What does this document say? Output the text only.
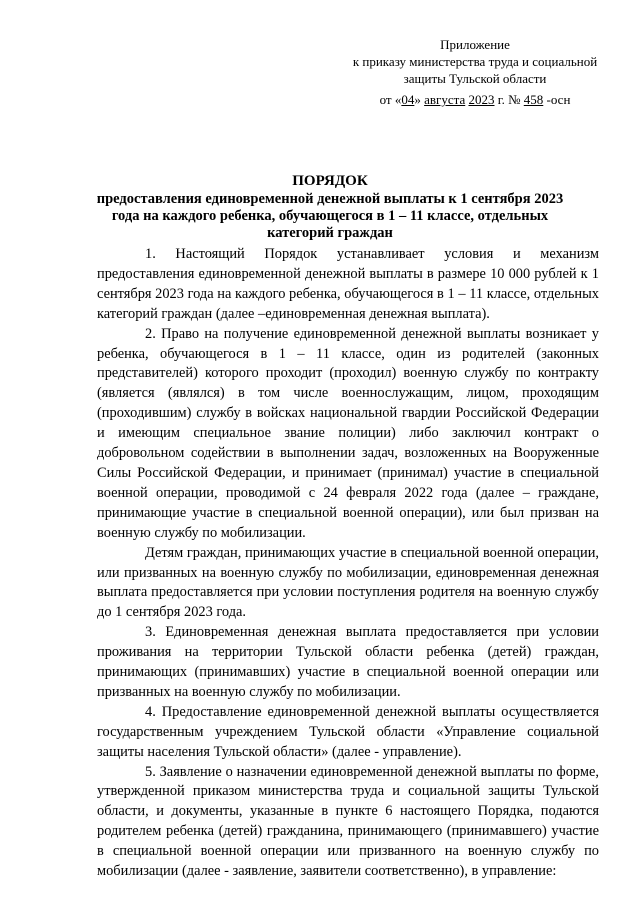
Приложение
к приказу министерства труда и социальной
защиты Тульской области
от «04» августа 2023 г. № 458 -осн
ПОРЯДОК
предоставления единовременной денежной выплаты к 1 сентября 2023 года на каждого ребенка, обучающегося в 1 – 11 классе, отдельных категорий граждан

1. Настоящий Порядок устанавливает условия и механизм предоставления единовременной денежной выплаты в размере 10 000 рублей к 1 сентября 2023 года на каждого ребенка, обучающегося в 1 – 11 классе, отдельных категорий граждан (далее –единовременная денежная выплата).

2. Право на получение единовременной денежной выплаты возникает у ребенка, обучающегося в 1 – 11 классе, один из родителей (законных представителей) которого проходит (проходил) военную службу по контракту (является (являлся) в том числе военнослужащим, лицом, проходящим (проходившим) службу в войсках национальной гвардии Российской Федерации и имеющим специальное звание полиции) либо заключил контракт о добровольном содействии в выполнении задач, возложенных на Вооруженные Силы Российской Федерации, и принимает (принимал) участие в специальной военной операции, проводимой с 24 февраля 2022 года (далее – граждане, принимающие участие в специальной военной операции), или был призван на военную службу по мобилизации.

Детям граждан, принимающих участие в специальной военной операции, или призванных на военную службу по мобилизации, единовременная денежная выплата предоставляется при условии поступления родителя на военную службу до 1 сентября 2023 года.

3. Единовременная денежная выплата предоставляется при условии проживания на территории Тульской области ребенка (детей) граждан, принимающих (принимавших) участие в специальной военной операции или призванных на военную службу по мобилизации.

4. Предоставление единовременной денежной выплаты осуществляется государственным учреждением Тульской области «Управление социальной защиты населения Тульской области» (далее - управление).

5. Заявление о назначении единовременной денежной выплаты по форме, утвержденной приказом министерства труда и социальной защиты Тульской области, и документы, указанные в пункте 6 настоящего Порядка, подаются родителем ребенка (детей) гражданина, принимающего (принимавшего) участие в специальной военной операции или призванного на военную службу по мобилизации (далее - заявление, заявители соответственно), в управление:
